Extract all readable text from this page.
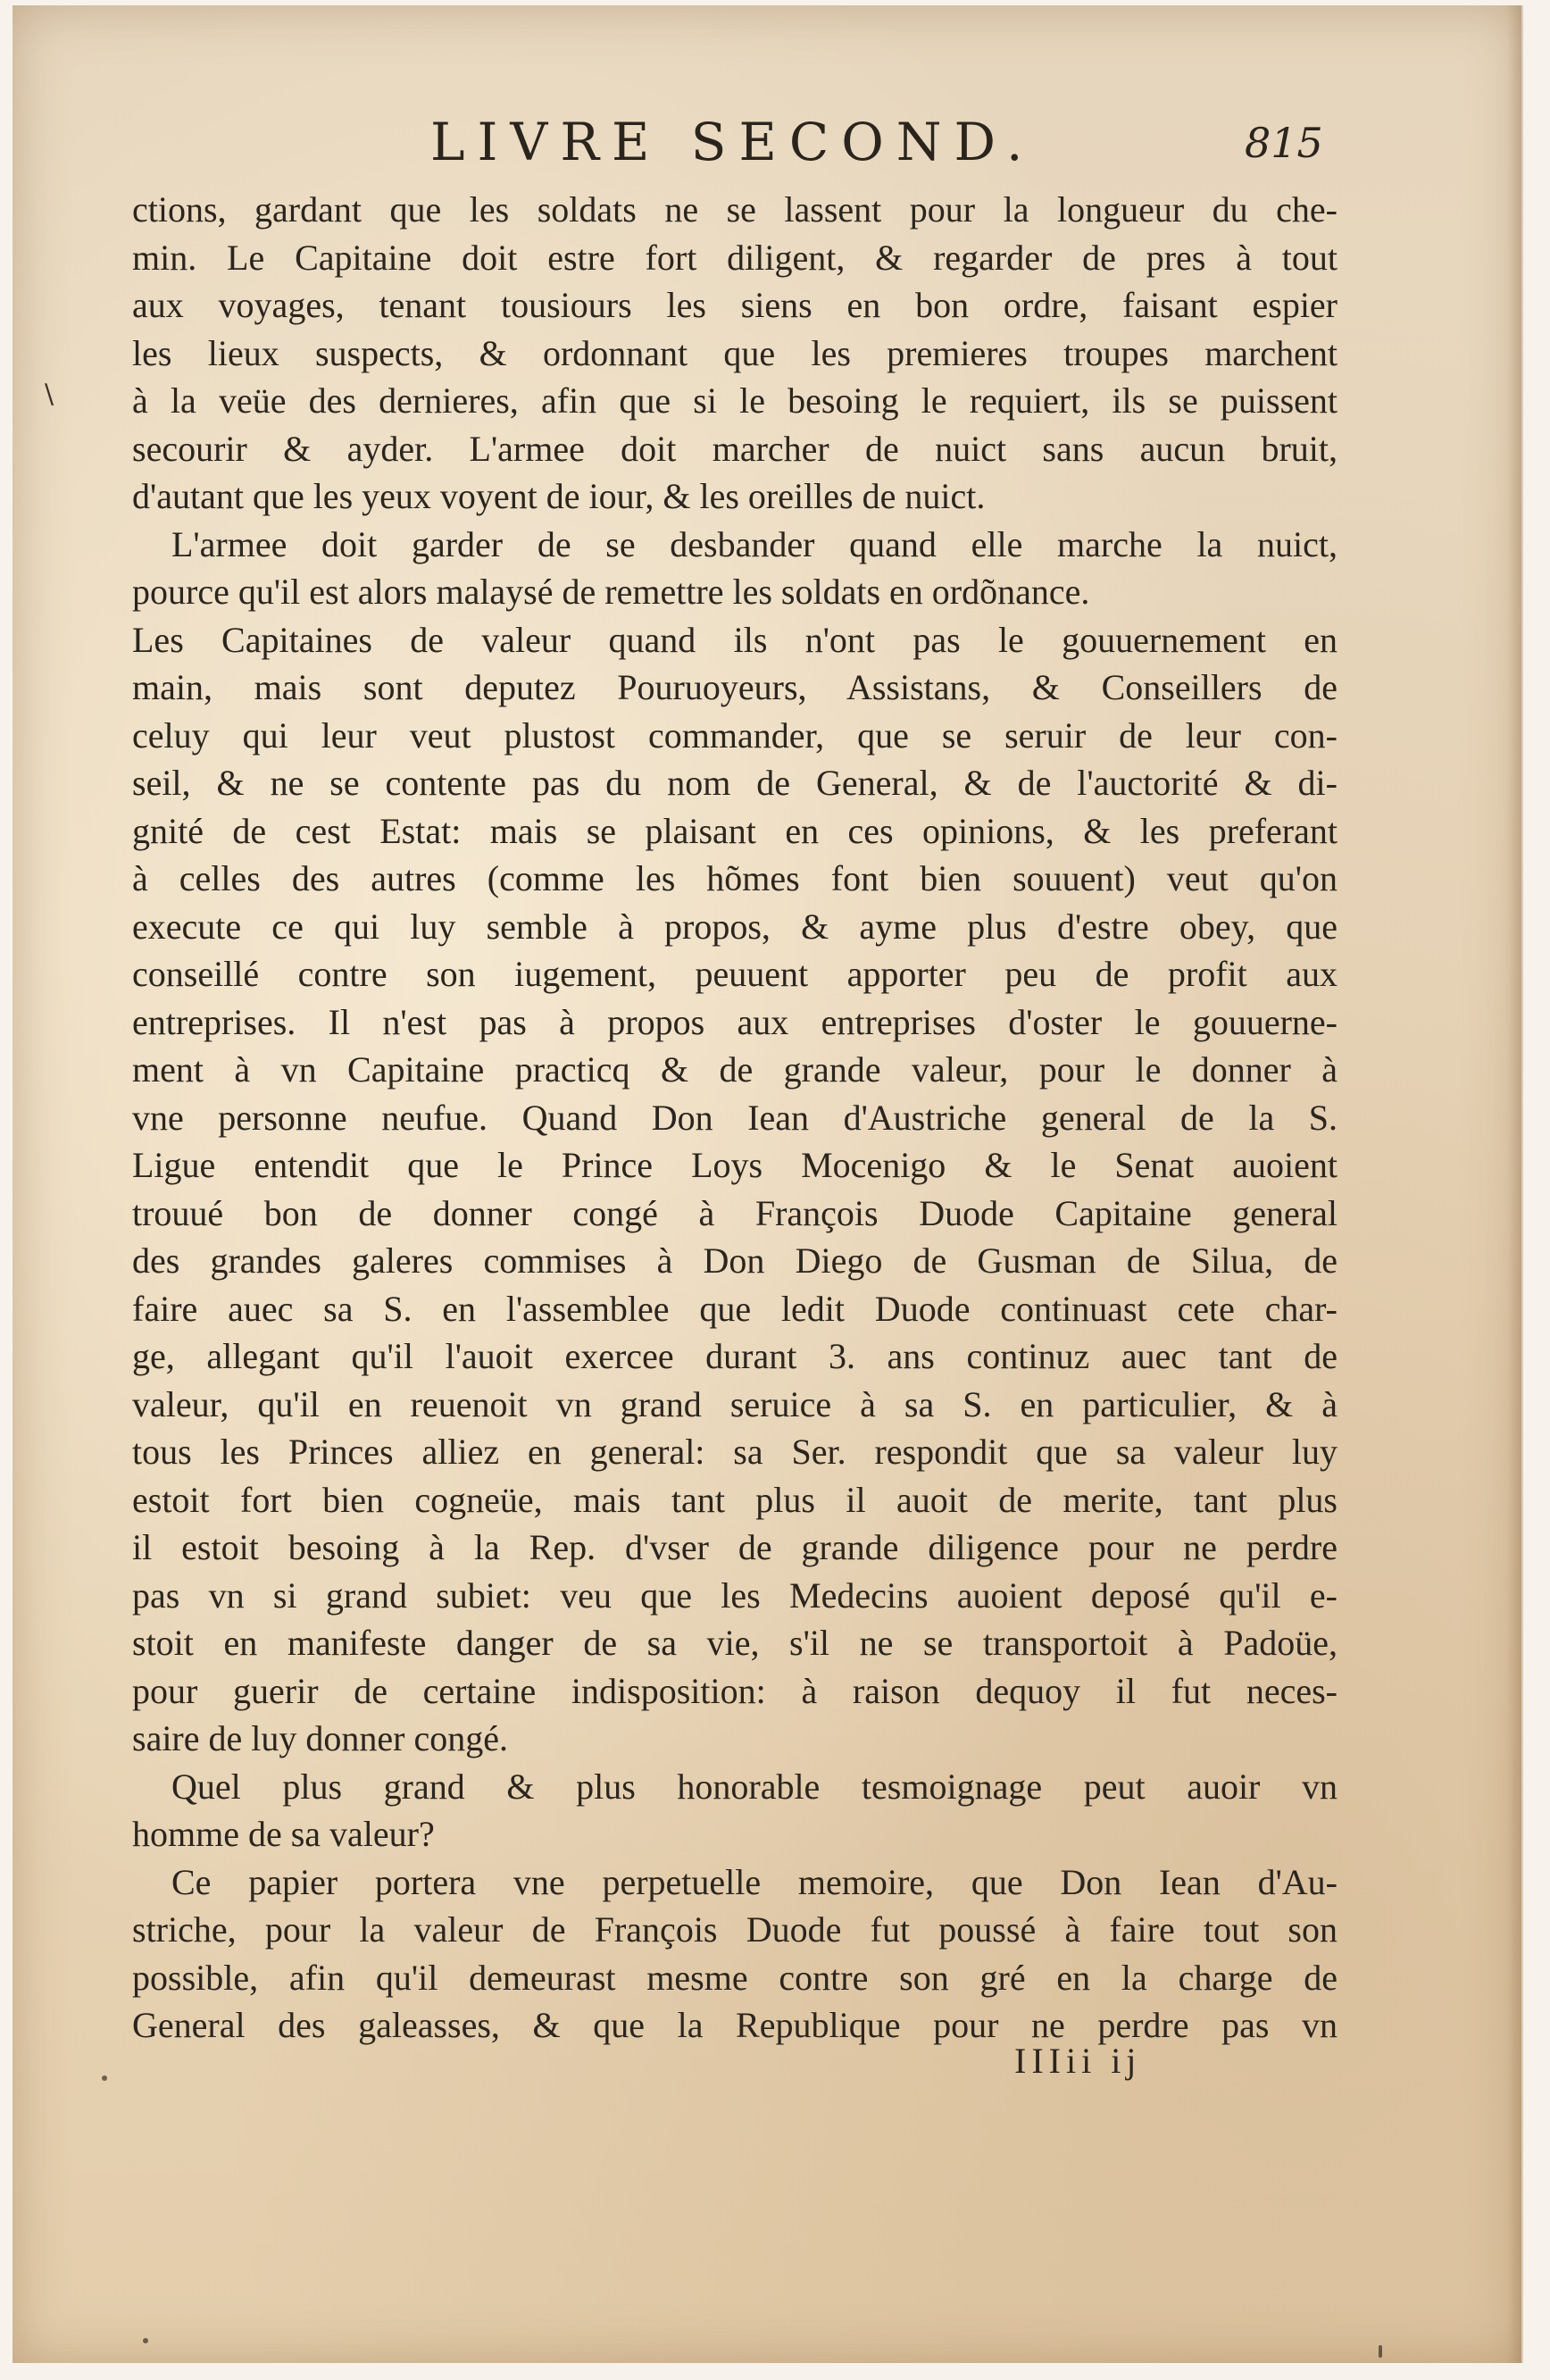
LIVRE SECOND.	815
\
ctions, gardant que les soldats ne se lassent pour la longueur du che-
min. Le Capitaine doit estre fort diligent, & regarder de pres à tout
aux voyages, tenant tousiours les siens en bon ordre, faisant espier
les lieux suspects, & ordonnant que les premieres troupes marchent
à la veüe des dernieres, afin que si le besoing le requiert, ils se puissent
secourir & ayder. L'armee doit marcher de nuict sans aucun bruit,
d'autant que les yeux voyent de iour, & les oreilles de nuict.
L'armee doit garder de se desbander quand elle marche la nuict,
pource qu'il est alors malaysé de remettre les soldats en ordõnance.
Les Capitaines de valeur quand ils n'ont pas le gouuernement en
main, mais sont deputez Pouruoyeurs, Assistans, & Conseillers de
celuy qui leur veut plustost commander, que se seruir de leur con-
seil, & ne se contente pas du nom de General, & de l'auctorité & di-
gnité de cest Estat: mais se plaisant en ces opinions, & les preferant
à celles des autres (comme les hõmes font bien souuent) veut qu'on
execute ce qui luy semble à propos, & ayme plus d'estre obey, que
conseillé contre son iugement, peuuent apporter peu de profit aux
entreprises. Il n'est pas à propos aux entreprises d'oster le gouuerne-
ment à vn Capitaine practicq & de grande valeur, pour le donner à
vne personne neufue. Quand Don Iean d'Austriche general de la S.
Ligue entendit que le Prince Loys Mocenigo & le Senat auoient
trouué bon de donner congé à François Duode Capitaine general
des grandes galeres commises à Don Diego de Gusman de Silua, de
faire auec sa S. en l'assemblee que ledit Duode continuast cete char-
ge, allegant qu'il l'auoit exercee durant 3. ans continuz auec tant de
valeur, qu'il en reuenoit vn grand seruice à sa S. en particulier, & à
tous les Princes alliez en general: sa Ser. respondit que sa valeur luy
estoit fort bien cogneüe, mais tant plus il auoit de merite, tant plus
il estoit besoing à la Rep. d'vser de grande diligence pour ne perdre
pas vn si grand subiet: veu que les Medecins auoient deposé qu'il e-
stoit en manifeste danger de sa vie, s'il ne se transportoit à Padoüe,
pour guerir de certaine indisposition: à raison dequoy il fut neces-
saire de luy donner congé.
Quel plus grand & plus honorable tesmoignage peut auoir vn
homme de sa valeur?
Ce papier portera vne perpetuelle memoire, que Don Iean d'Au-
striche, pour la valeur de François Duode fut poussé à faire tout son
possible, afin qu'il demeurast mesme contre son gré en la charge de
General des galeasses, & que la Republique pour ne perdre pas vn
IIIii ij
